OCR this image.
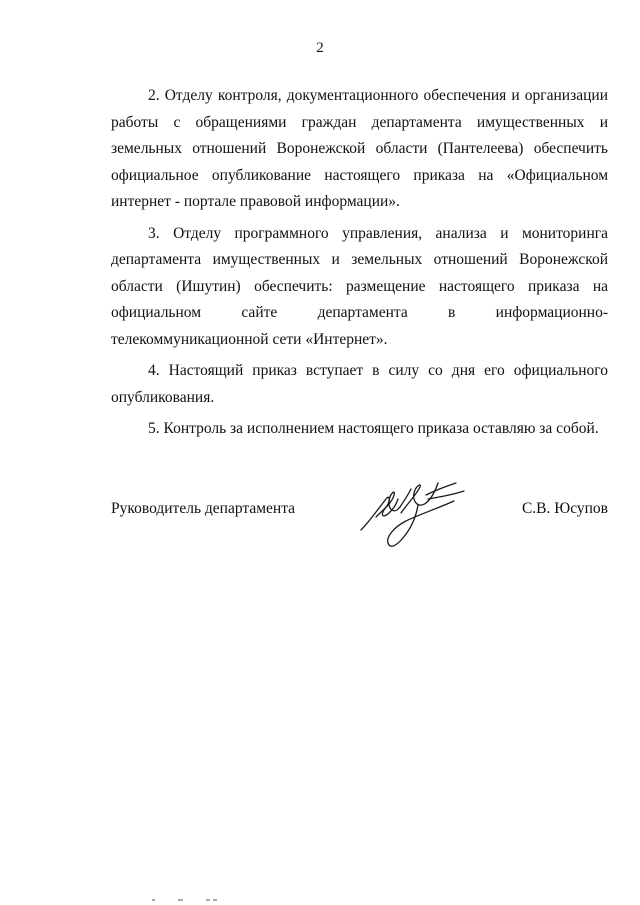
2

2. Отделу контроля, документационного обеспечения и организации работы с обращениями граждан департамента имущественных и земельных отношений Воронежской области (Пантелеева) обеспечить официальное опубликование настоящего приказа на «Официальном интернет - портале правовой информации».

3. Отделу программного управления, анализа и мониторинга департамента имущественных и земельных отношений Воронежской области (Ишутин) обеспечить: размещение настоящего приказа на официальном сайте департамента в информационно-телекоммуникационной сети «Интернет».

4. Настоящий приказ вступает в силу со дня его официального опубликования.

5. Контроль за исполнением настоящего приказа оставляю за собой.

Руководитель департамента	С.В. Юсупов
